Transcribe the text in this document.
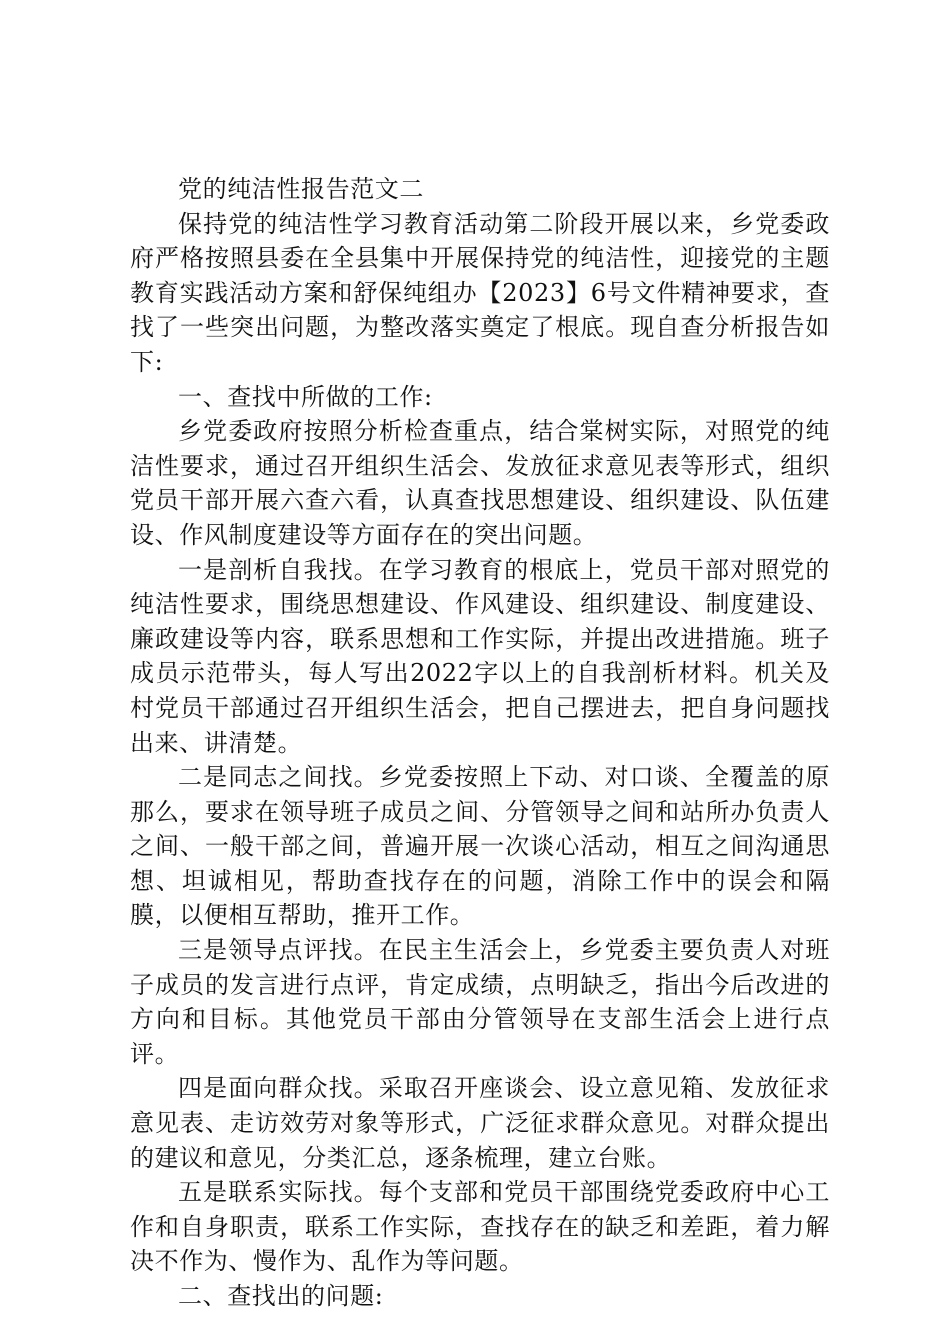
党的纯洁性报告范文二

保持党的纯洁性学习教育活动第二阶段开展以来，乡党委政府严格按照县委在全县集中开展保持党的纯洁性，迎接党的主题教育实践活动方案和舒保纯组办【2023】6号文件精神要求，查找了一些突出问题，为整改落实奠定了根底。现自查分析报告如下:

一、查找中所做的工作:

乡党委政府按照分析检查重点，结合棠树实际，对照党的纯洁性要求，通过召开组织生活会、发放征求意见表等形式，组织党员干部开展六查六看，认真查找思想建设、组织建设、队伍建设、作风制度建设等方面存在的突出问题。

一是剖析自我找。在学习教育的根底上，党员干部对照党的纯洁性要求，围绕思想建设、作风建设、组织建设、制度建设、廉政建设等内容，联系思想和工作实际，并提出改进措施。班子成员示范带头，每人写出2022字以上的自我剖析材料。机关及村党员干部通过召开组织生活会，把自己摆进去，把自身问题找出来、讲清楚。

二是同志之间找。乡党委按照上下动、对口谈、全覆盖的原那么，要求在领导班子成员之间、分管领导之间和站所办负责人之间、一般干部之间，普遍开展一次谈心活动，相互之间沟通思想、坦诚相见，帮助查找存在的问题，消除工作中的误会和隔膜，以便相互帮助，推开工作。

三是领导点评找。在民主生活会上，乡党委主要负责人对班子成员的发言进行点评，肯定成绩，点明缺乏，指出今后改进的方向和目标。其他党员干部由分管领导在支部生活会上进行点评。

四是面向群众找。采取召开座谈会、设立意见箱、发放征求意见表、走访效劳对象等形式，广泛征求群众意见。对群众提出的建议和意见，分类汇总，逐条梳理，建立台账。

五是联系实际找。每个支部和党员干部围绕党委政府中心工作和自身职责，联系工作实际，查找存在的缺乏和差距，着力解决不作为、慢作为、乱作为等问题。

二、查找出的问题:
